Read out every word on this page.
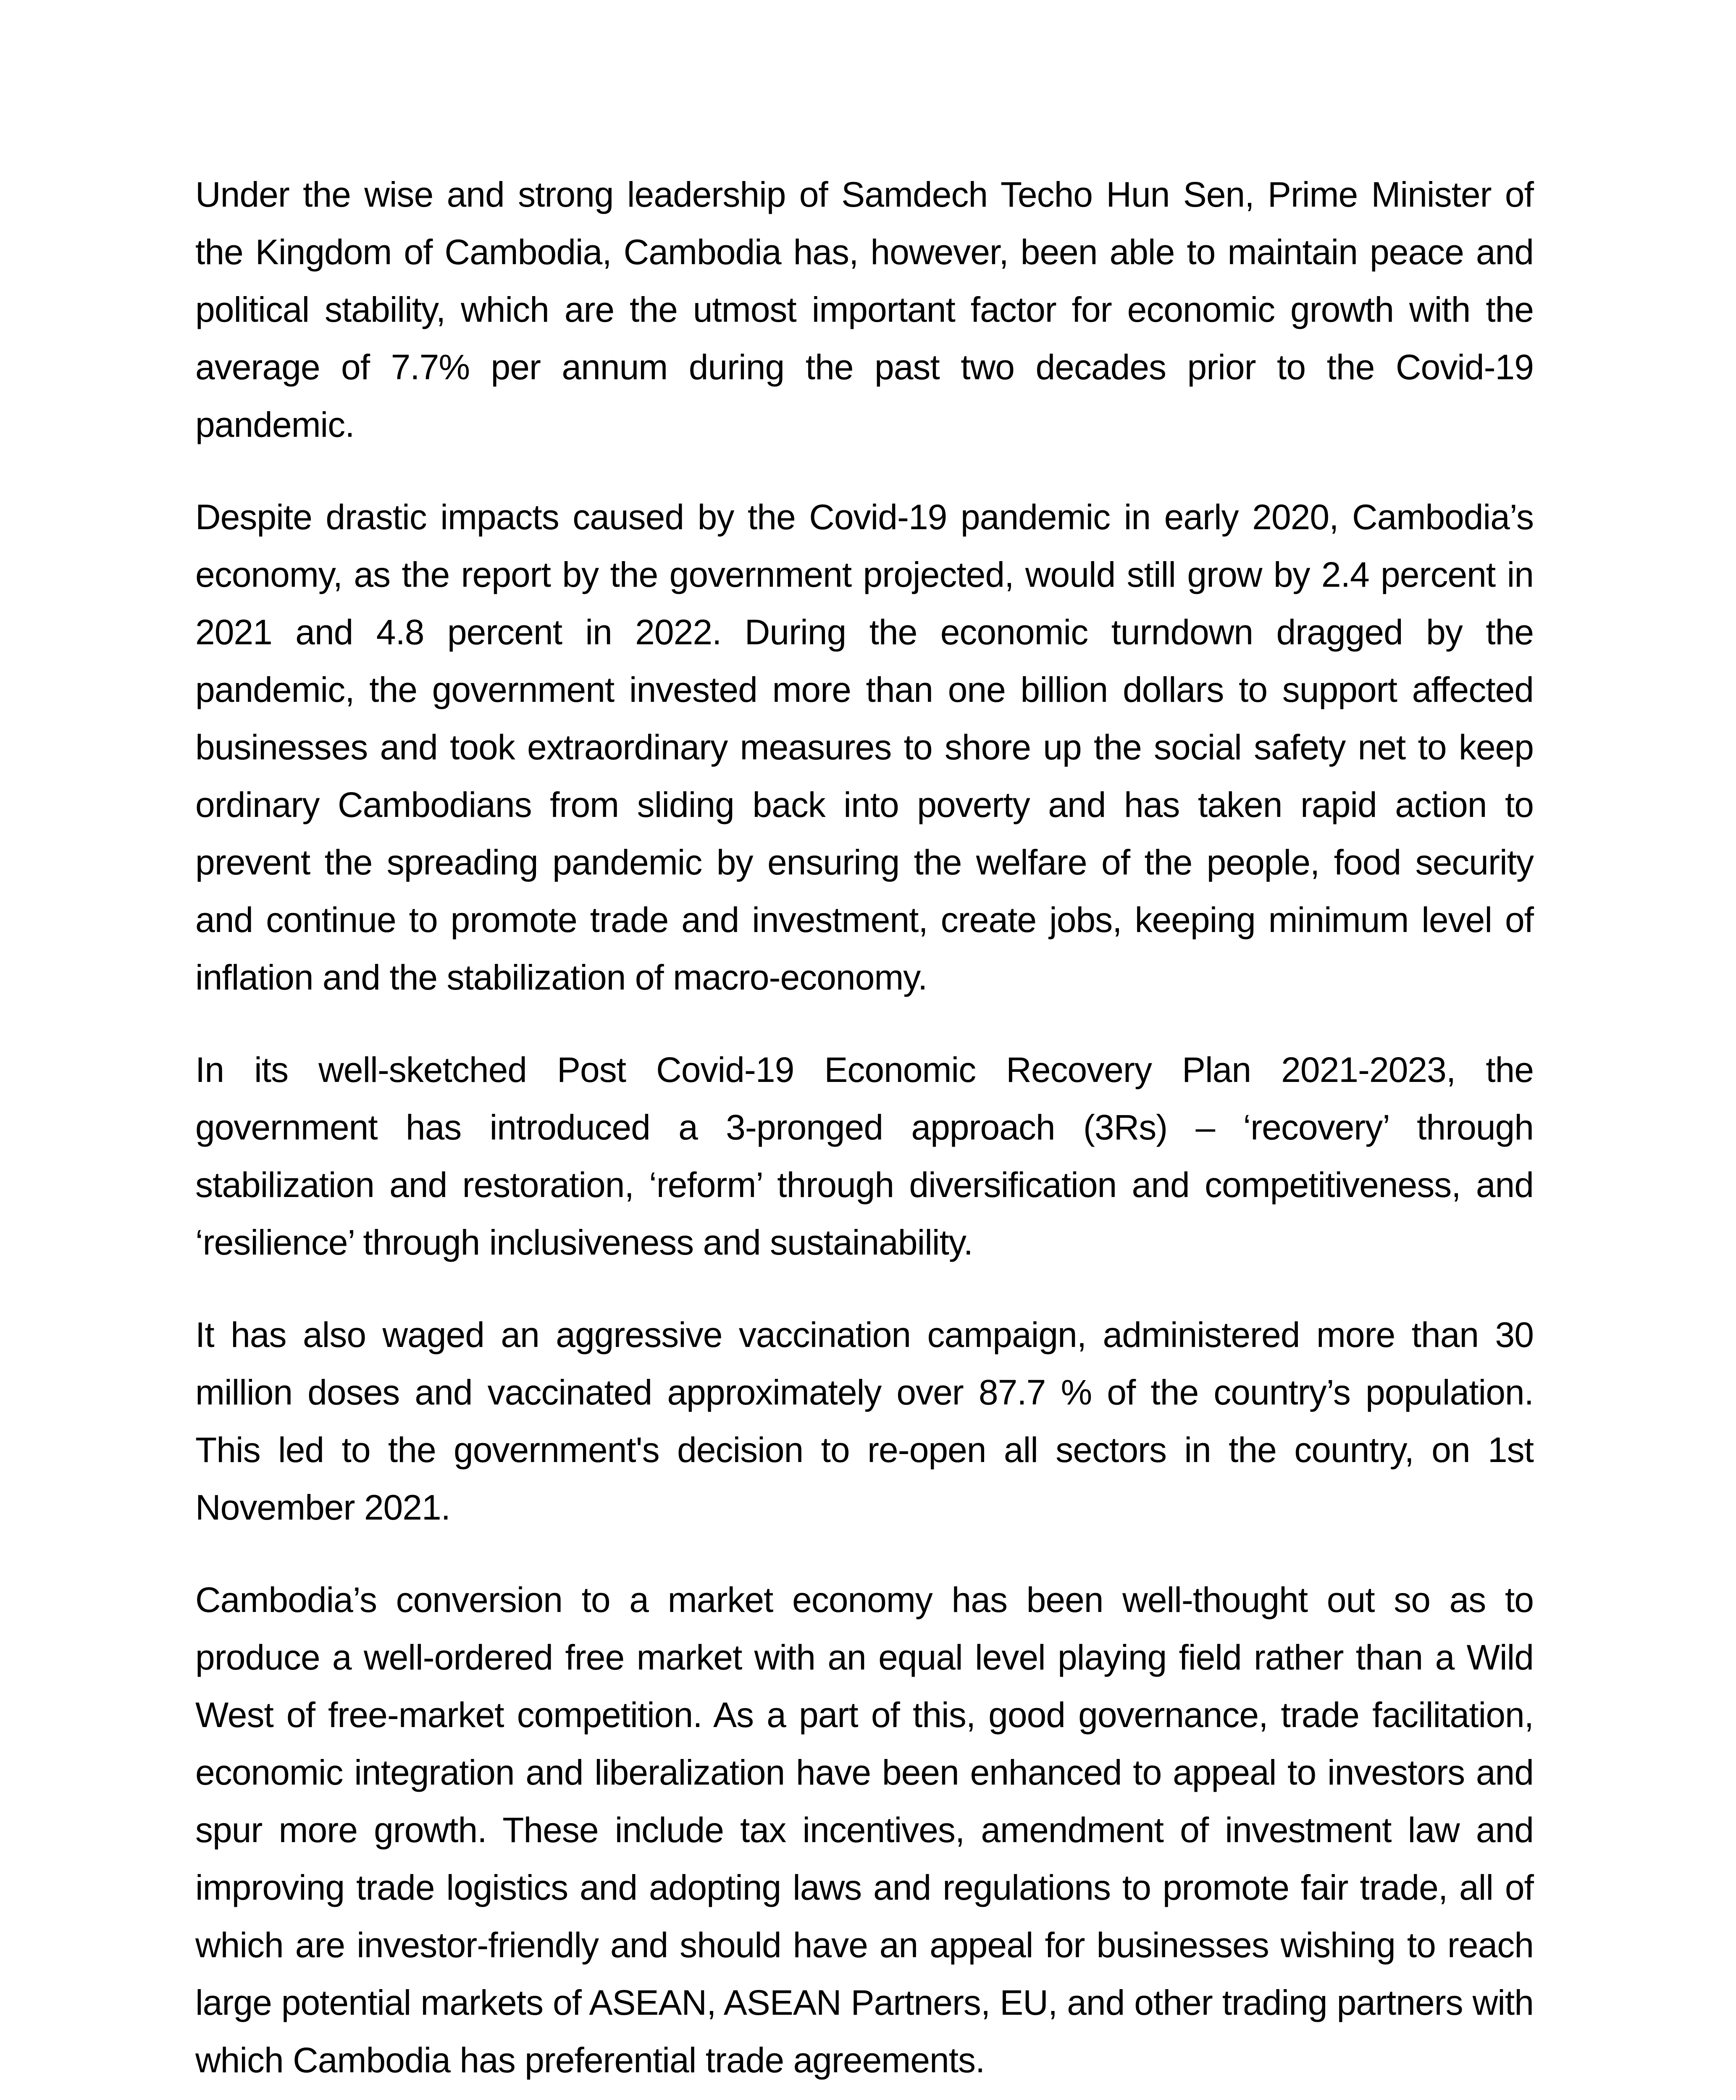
Under the wise and strong leadership of Samdech Techo Hun Sen, Prime Minister of the Kingdom of Cambodia, Cambodia has, however, been able to maintain peace and political stability, which are the utmost important factor for economic growth with the average of 7.7% per annum during the past two decades prior to the Covid-19 pandemic.

Despite drastic impacts caused by the Covid-19 pandemic in early 2020, Cambodia’s economy, as the report by the government projected, would still grow by 2.4 percent in 2021 and 4.8 percent in 2022. During the economic turndown dragged by the pandemic, the government invested more than one billion dollars to support affected businesses and took extraordinary measures to shore up the social safety net to keep ordinary Cambodians from sliding back into poverty and has taken rapid action to prevent the spreading pandemic by ensuring the welfare of the people, food security and continue to promote trade and investment, create jobs, keeping minimum level of inflation and the stabilization of macro-economy.

In its well-sketched Post Covid-19 Economic Recovery Plan 2021-2023, the government has introduced a 3-pronged approach (3Rs) – ‘recovery’ through stabilization and restoration, ‘reform’ through diversification and competitiveness, and ‘resilience’ through inclusiveness and sustainability.

It has also waged an aggressive vaccination campaign, administered more than 30 million doses and vaccinated approximately over 87.7 % of the country’s population. This led to the government's decision to re-open all sectors in the country, on 1st November 2021.

Cambodia’s conversion to a market economy has been well-thought out so as to produce a well-ordered free market with an equal level playing field rather than a Wild West of free-market competition. As a part of this, good governance, trade facilitation, economic integration and liberalization have been enhanced to appeal to investors and spur more growth. These include tax incentives, amendment of investment law and improving trade logistics and adopting laws and regulations to promote fair trade, all of which are investor-friendly and should have an appeal for businesses wishing to reach large potential markets of ASEAN, ASEAN Partners, EU, and other trading partners with which Cambodia has preferential trade agreements.
